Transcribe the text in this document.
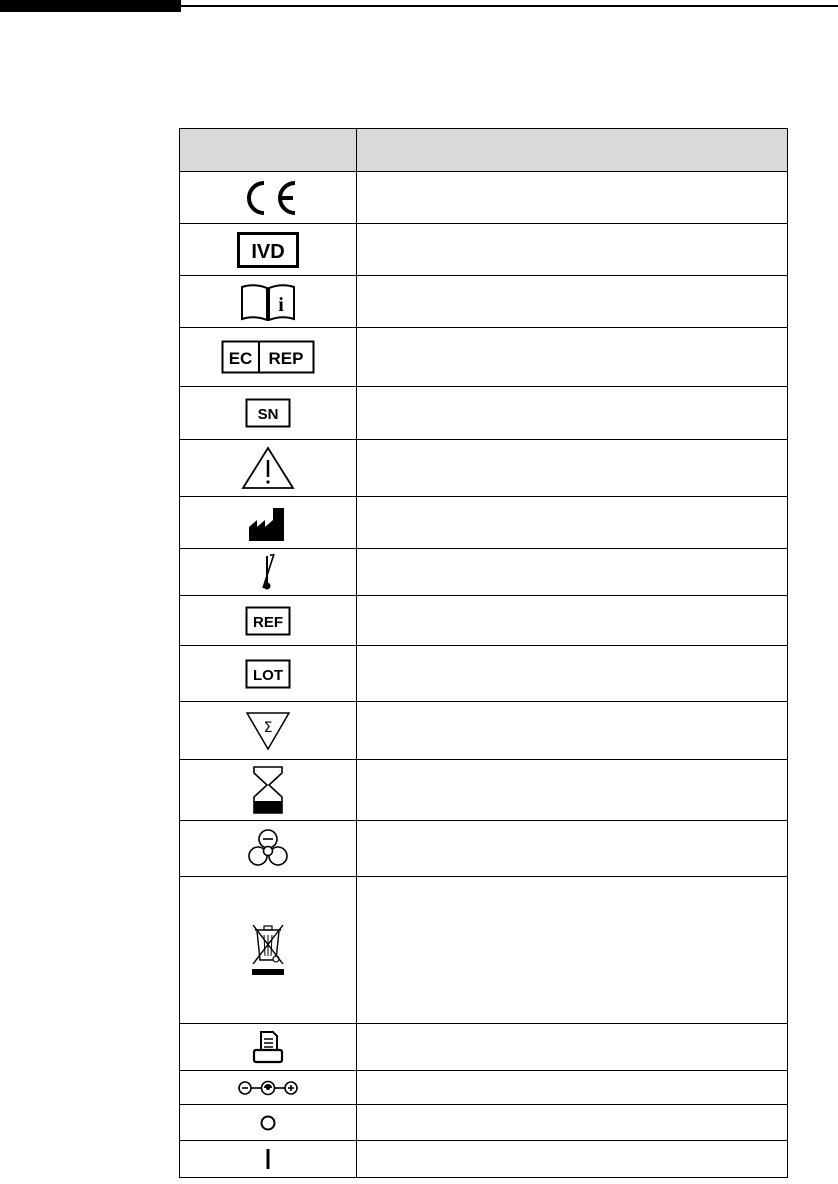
IVD	

i	

EC REP	

SN	

REF	

LOT	

Σ	
